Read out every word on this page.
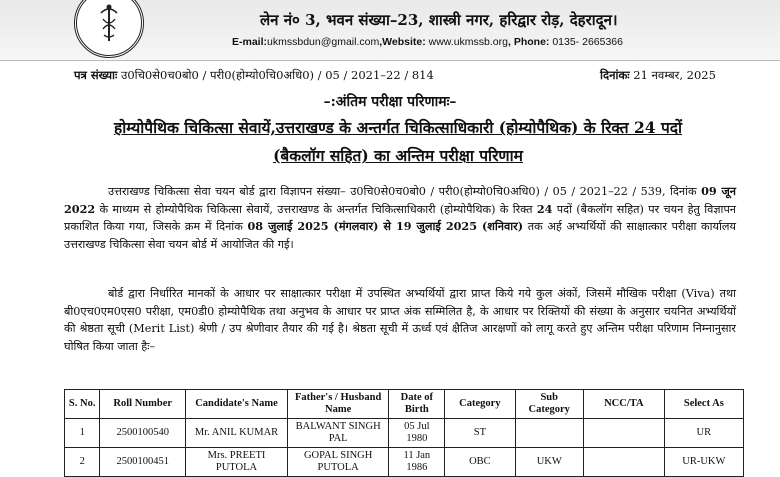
लेन नं० 3, भवन संख्या–23, शास्त्री नगर, हरिद्वार रोड़, देहरादून।
E-mail:ukmssbdun@gmail.com,Website: www.ukmssb.org, Phone: 0135- 2665366
पत्र संख्याः उ0चि0से0च0बो0 / परी0(होम्यो0चि0अधि0) / 05 / 2021–22 / 814	दिनांकः 21 नवम्बर, 2025
–:अंतिम परीक्षा परिणामः–
होम्योपैथिक चिकित्सा सेवायें,उत्तराखण्ड के अन्तर्गत चिकित्साधिकारी (होम्योपैथिक) के रिक्त 24 पदों
(बैकलॉग सहित) का अन्तिम परीक्षा परिणाम
उत्तराखण्ड चिकित्सा सेवा चयन बोर्ड द्वारा विज्ञापन संख्या– उ0चि0से0च0बो0 / परी0(होम्यो0चि0अधि0) / 05 / 2021–22 / 539, दिनांक 09 जून 2022 के माध्यम से होम्योपैथिक चिकित्सा सेवायें, उत्तराखण्ड के अन्तर्गत चिकित्साधिकारी (होम्योपैथिक) के रिक्त 24 पदों (बैकलॉग सहित) पर चयन हेतु विज्ञापन प्रकाशित किया गया, जिसके क्रम में दिनांक 08 जुलाई 2025 (मंगलवार) से 19 जुलाई 2025 (शनिवार) तक अर्ह अभ्यर्थियों की साक्षात्कार परीक्षा कार्यालय उत्तराखण्ड चिकित्सा सेवा चयन बोर्ड में आयोजित की गई।
बोर्ड द्वारा निर्धारित मानकों के आधार पर साक्षात्कार परीक्षा में उपस्थित अभ्यर्थियों द्वारा प्राप्त किये गये कुल अंकों, जिसमें मौखिक परीक्षा (Viva) तथा बी0एच0एम0एस0 परीक्षा, एम0डी0 होम्योपैथिक तथा अनुभव के आधार पर प्राप्त अंक सम्मिलित है, के आधार पर रिक्तियों की संख्या के अनुसार चयनित अभ्यर्थियों की श्रेष्ठता सूची (Merit List) श्रेणी / उप श्रेणीवार तैयार की गई है। श्रेष्ठता सूची में ऊर्ध्व एवं क्षैतिज आरक्षणों को लागू करते हुए अन्तिम परीक्षा परिणाम निम्नानुसार घोषित किया जाता हैः–
S. No.	Roll Number	Candidate's Name	Father's / Husband Name	Date of Birth	Category	Sub Category	NCC/TA	Select As
1	2500100540	Mr. ANIL KUMAR	BALWANT SINGH PAL	05 Jul 1980	ST			UR
2	2500100451	Mrs. PREETI PUTOLA	GOPAL SINGH PUTOLA	11 Jan 1986	OBC	UKW		UR-UKW
